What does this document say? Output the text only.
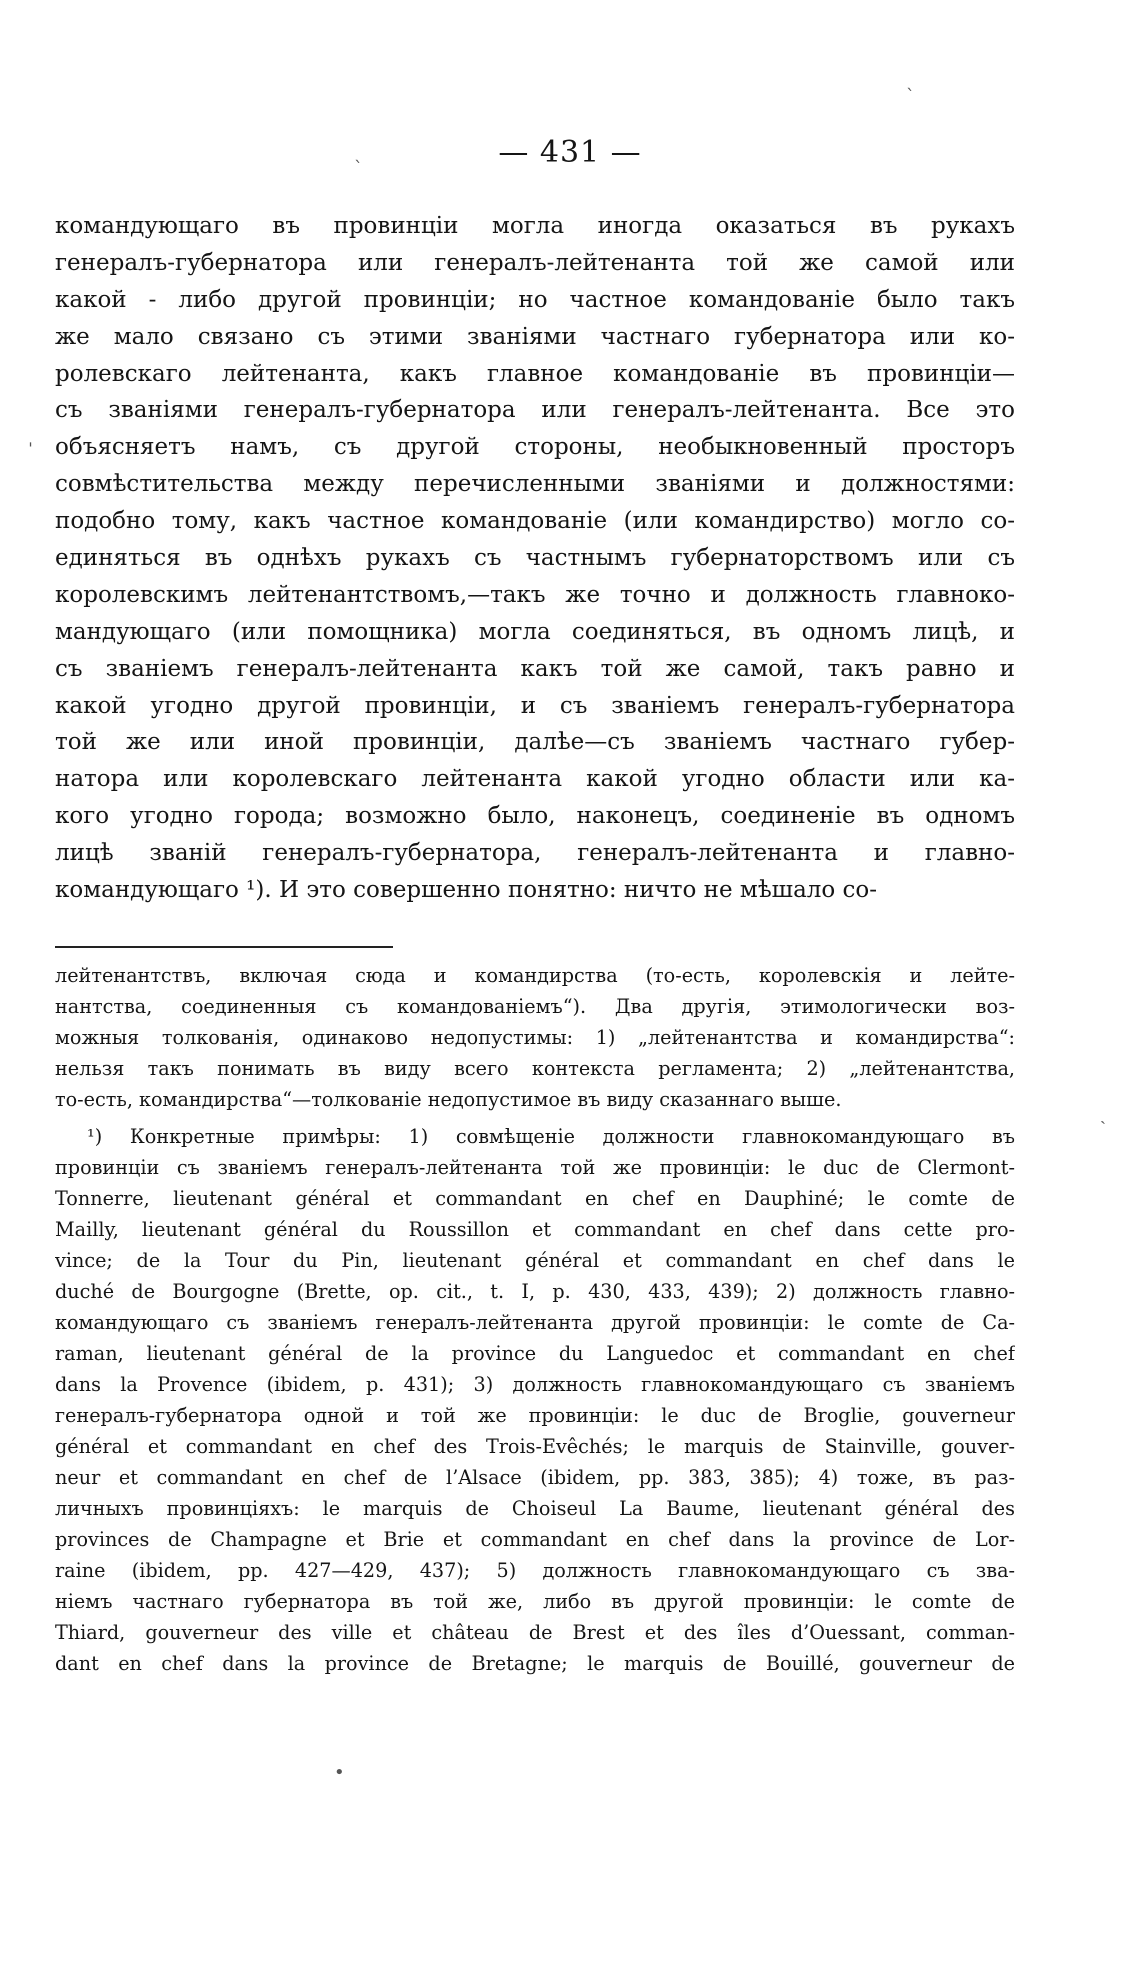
ˋ
ˋ
ˈ
ˏ
•
— 431 —
командующаго въ провинціи могла иногда оказаться въ рукахъ
генералъ-губернатора или генералъ-лейтенанта той же самой или
какой - либо другой провинціи; но частное командованіе было такъ
же мало связано съ этими званіями частнаго губернатора или ко-
ролевскаго лейтенанта, какъ главное командованіе въ провинціи—
съ званіями генералъ-губернатора или генералъ-лейтенанта. Все это
объясняетъ намъ, съ другой стороны, необыкновенный просторъ
совмѣстительства между перечисленными званіями и должностями:
подобно тому, какъ частное командованіе (или командирство) могло со-
единяться въ однѣхъ рукахъ съ частнымъ губернаторствомъ или съ
королевскимъ лейтенантствомъ,—такъ же точно и должность главноко-
мандующаго (или помощника) могла соединяться, въ одномъ лицѣ, и
съ званіемъ генералъ-лейтенанта какъ той же самой, такъ равно и
какой угодно другой провинціи, и съ званіемъ генералъ-губернатора
той же или иной провинціи, далѣе—съ званіемъ частнаго губер-
натора или королевскаго лейтенанта какой угодно области или ка-
кого угодно города; возможно было, наконецъ, соединеніе въ одномъ
лицѣ званій генералъ-губернатора, генералъ-лейтенанта и главно-
командующаго ¹). И это совершенно понятно: ничто не мѣшало со-
лейтенантствъ, включая сюда и командирства (то-есть, королевскія и лейте-
нантства, соединенныя съ командованіемъ“). Два другія, этимологически воз-
можныя толкованія, одинаково недопустимы: 1) „лейтенантства и командирства“:
нельзя такъ понимать въ виду всего контекста регламента; 2) „лейтенантства,
то-есть, командирства“—толкованіе недопустимое въ виду сказаннаго выше.
¹) Конкретные примѣры: 1) совмѣщеніе должности главнокомандующаго въ
провинціи съ званіемъ генералъ-лейтенанта той же провинціи: le duc de Clermont-
Tonnerre, lieutenant général et commandant en chef en Dauphiné; le comte de
Mailly, lieutenant général du Roussillon et commandant en chef dans cette pro-
vince; de la Tour du Pin, lieutenant général et commandant en chef dans le
duché de Bourgogne (Brette, op. cit., t. I, p. 430, 433, 439); 2) должность главно-
командующаго съ званіемъ генералъ-лейтенанта другой провинціи: le comte de Ca-
raman, lieutenant général de la province du Languedoc et commandant en chef
dans la Provence (ibidem, p. 431); 3) должность главнокомандующаго съ званіемъ
генералъ-губернатора одной и той же провинціи: le duc de Broglie, gouverneur
général et commandant en chef des Trois-Evêchés; le marquis de Stainville, gouver-
neur et commandant en chef de l’Alsace (ibidem, pp. 383, 385); 4) тоже, въ раз-
личныхъ провинціяхъ: le marquis de Choiseul La Baume, lieutenant général des
provinces de Champagne et Brie et commandant en chef dans la province de Lor-
raine (ibidem, pp. 427—429, 437); 5) должность главнокомандующаго съ зва-
ніемъ частнаго губернатора въ той же, либо въ другой провинціи: le comte de
Thiard, gouverneur des ville et château de Brest et des îles d’Ouessant, comman-
dant en chef dans la province de Bretagne; le marquis de Bouillé, gouverneur de
